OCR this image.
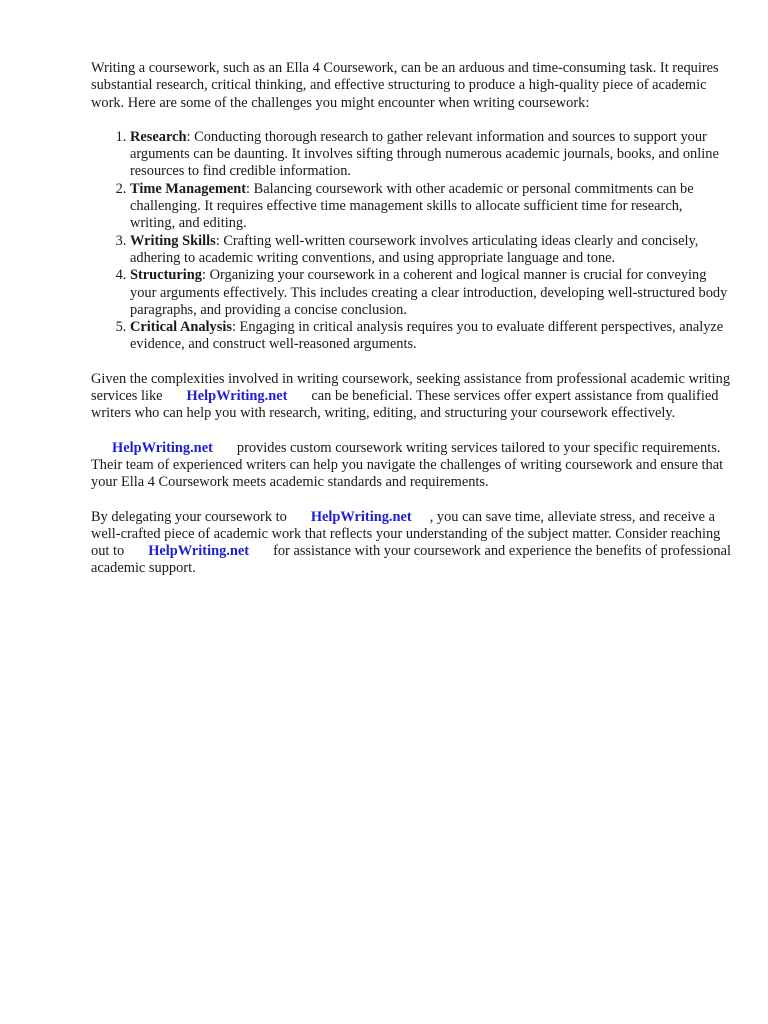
Writing a coursework, such as an Ella 4 Coursework, can be an arduous and time-consuming task. It requires substantial research, critical thinking, and effective structuring to produce a high-quality piece of academic work. Here are some of the challenges you might encounter when writing coursework:

1. Research: Conducting thorough research to gather relevant information and sources to support your arguments can be daunting. It involves sifting through numerous academic journals, books, and online resources to find credible information.
2. Time Management: Balancing coursework with other academic or personal commitments can be challenging. It requires effective time management skills to allocate sufficient time for research, writing, and editing.
3. Writing Skills: Crafting well-written coursework involves articulating ideas clearly and concisely, adhering to academic writing conventions, and using appropriate language and tone.
4. Structuring: Organizing your coursework in a coherent and logical manner is crucial for conveying your arguments effectively. This includes creating a clear introduction, developing well-structured body paragraphs, and providing a concise conclusion.
5. Critical Analysis: Engaging in critical analysis requires you to evaluate different perspectives, analyze evidence, and construct well-reasoned arguments.

Given the complexities involved in writing coursework, seeking assistance from professional academic writing services like HelpWriting.net can be beneficial. These services offer expert assistance from qualified writers who can help you with research, writing, editing, and structuring your coursework effectively.

HelpWriting.net provides custom coursework writing services tailored to your specific requirements. Their team of experienced writers can help you navigate the challenges of writing coursework and ensure that your Ella 4 Coursework meets academic standards and requirements.

By delegating your coursework to HelpWriting.net , you can save time, alleviate stress, and receive a well-crafted piece of academic work that reflects your understanding of the subject matter. Consider reaching out to HelpWriting.net for assistance with your coursework and experience the benefits of professional academic support.
